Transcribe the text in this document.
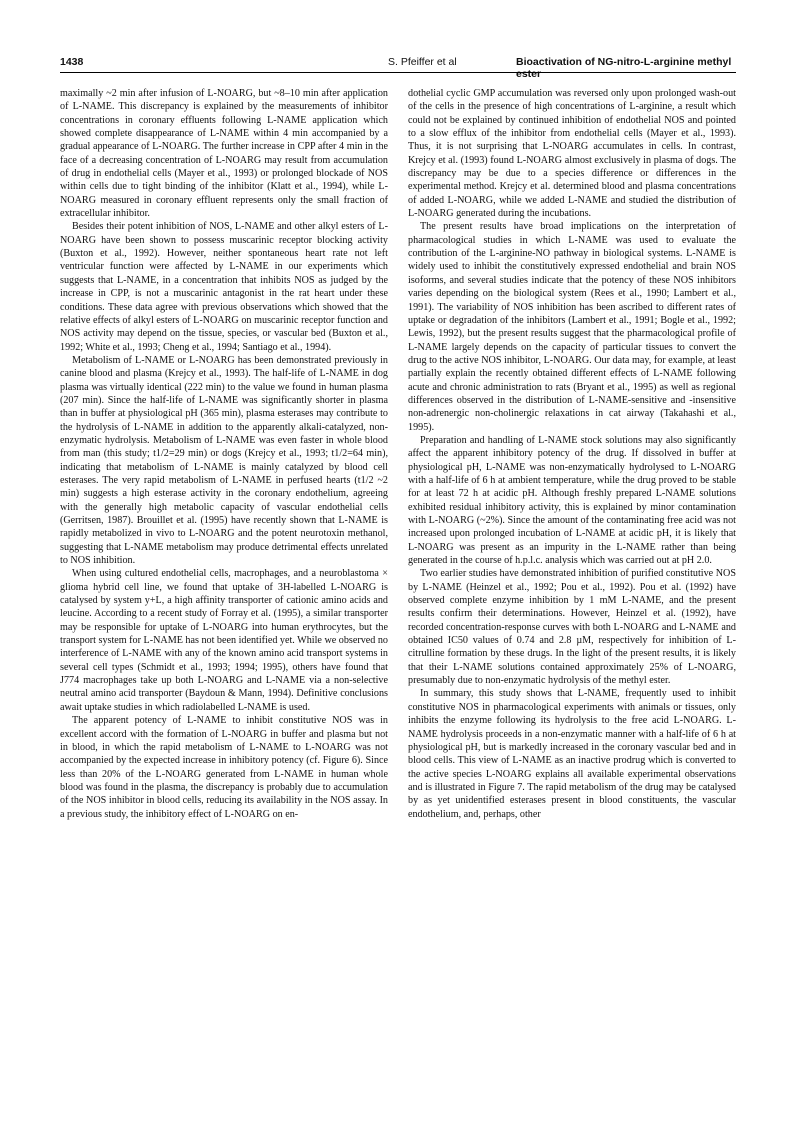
1438	S. Pfeiffer et al	Bioactivation of NG-nitro-L-arginine methyl ester

maximally ~2 min after infusion of L-NOARG, but ~8–10 min after application of L-NAME. This discrepancy is explained by the measurements of inhibitor concentrations in coronary effluents following L-NAME application which showed complete disappearance of L-NAME within 4 min accompanied by a gradual appearance of L-NOARG. The further increase in CPP after 4 min in the face of a decreasing concentration of L-NOARG may result from accumulation of drug in endothelial cells (Mayer et al., 1993) or prolonged blockade of NOS within cells due to tight binding of the inhibitor (Klatt et al., 1994), while L-NOARG measured in coronary effluent represents only the small fraction of extracellular inhibitor.

Besides their potent inhibition of NOS, L-NAME and other alkyl esters of L-NOARG have been shown to possess muscarinic receptor blocking activity (Buxton et al., 1992). However, neither spontaneous heart rate not left ventricular function were affected by L-NAME in our experiments which suggests that L-NAME, in a concentration that inhibits NOS as judged by the increase in CPP, is not a muscarinic antagonist in the rat heart under these conditions. These data agree with previous observations which showed that the relative effects of alkyl esters of L-NOARG on muscarinic receptor function and NOS activity may depend on the tissue, species, or vascular bed (Buxton et al., 1992; White et al., 1993; Cheng et al., 1994; Santiago et al., 1994).

Metabolism of L-NAME or L-NOARG has been demonstrated previously in canine blood and plasma (Krejcy et al., 1993). The half-life of L-NAME in dog plasma was virtually identical (222 min) to the value we found in human plasma (207 min). Since the half-life of L-NAME was significantly shorter in plasma than in buffer at physiological pH (365 min), plasma esterases may contribute to the hydrolysis of L-NAME in addition to the apparently alkali-catalyzed, non-enzymatic hydrolysis. Metabolism of L-NAME was even faster in whole blood from man (this study; t1/2=29 min) or dogs (Krejcy et al., 1993; t1/2=64 min), indicating that metabolism of L-NAME is mainly catalyzed by blood cell esterases. The very rapid metabolism of L-NAME in perfused hearts (t1/2 ~2 min) suggests a high esterase activity in the coronary endothelium, agreeing with the generally high metabolic capacity of vascular endothelial cells (Gerritsen, 1987). Brouillet et al. (1995) have recently shown that L-NAME is rapidly metabolized in vivo to L-NOARG and the potent neurotoxin methanol, suggesting that L-NAME metabolism may produce detrimental effects unrelated to NOS inhibition.

When using cultured endothelial cells, macrophages, and a neuroblastoma × glioma hybrid cell line, we found that uptake of 3H-labelled L-NOARG is catalysed by system y+L, a high affinity transporter of cationic amino acids and leucine. According to a recent study of Forray et al. (1995), a similar transporter may be responsible for uptake of L-NOARG into human erythrocytes, but the transport system for L-NAME has not been identified yet. While we observed no interference of L-NAME with any of the known amino acid transport systems in several cell types (Schmidt et al., 1993; 1994; 1995), others have found that J774 macrophages take up both L-NOARG and L-NAME via a non-selective neutral amino acid transporter (Baydoun & Mann, 1994). Definitive conclusions await uptake studies in which radiolabelled L-NAME is used.

The apparent potency of L-NAME to inhibit constitutive NOS was in excellent accord with the formation of L-NOARG in buffer and plasma but not in blood, in which the rapid metabolism of L-NAME to L-NOARG was not accompanied by the expected increase in inhibitory potency (cf. Figure 6). Since less than 20% of the L-NOARG generated from L-NAME in human whole blood was found in the plasma, the discrepancy is probably due to accumulation of the NOS inhibitor in blood cells, reducing its availability in the NOS assay. In a previous study, the inhibitory effect of L-NOARG on en-

dothelial cyclic GMP accumulation was reversed only upon prolonged wash-out of the cells in the presence of high concentrations of L-arginine, a result which could not be explained by continued inhibition of endothelial NOS and pointed to a slow efflux of the inhibitor from endothelial cells (Mayer et al., 1993). Thus, it is not surprising that L-NOARG accumulates in cells. In contrast, Krejcy et al. (1993) found L-NOARG almost exclusively in plasma of dogs. The discrepancy may be due to a species difference or differences in the experimental method. Krejcy et al. determined blood and plasma concentrations of added L-NOARG, while we added L-NAME and studied the distribution of L-NOARG generated during the incubations.

The present results have broad implications on the interpretation of pharmacological studies in which L-NAME was used to evaluate the contribution of the L-arginine-NO pathway in biological systems. L-NAME is widely used to inhibit the constitutively expressed endothelial and brain NOS isoforms, and several studies indicate that the potency of these NOS inhibitors varies depending on the biological system (Rees et al., 1990; Lambert et al., 1991). The variability of NOS inhibition has been ascribed to different rates of uptake or degradation of the inhibitors (Lambert et al., 1991; Bogle et al., 1992; Lewis, 1992), but the present results suggest that the pharmacological profile of L-NAME largely depends on the capacity of particular tissues to convert the drug to the active NOS inhibitor, L-NOARG. Our data may, for example, at least partially explain the recently obtained different effects of L-NAME following acute and chronic administration to rats (Bryant et al., 1995) as well as regional differences observed in the distribution of L-NAME-sensitive and -insensitive non-adrenergic non-cholinergic relaxations in cat airway (Takahashi et al., 1995).

Preparation and handling of L-NAME stock solutions may also significantly affect the apparent inhibitory potency of the drug. If dissolved in buffer at physiological pH, L-NAME was non-enzymatically hydrolysed to L-NOARG with a half-life of 6 h at ambient temperature, while the drug proved to be stable for at least 72 h at acidic pH. Although freshly prepared L-NAME solutions exhibited residual inhibitory activity, this is explained by minor contamination with L-NOARG (~2%). Since the amount of the contaminating free acid was not increased upon prolonged incubation of L-NAME at acidic pH, it is likely that L-NOARG was present as an impurity in the L-NAME rather than being generated in the course of h.p.l.c. analysis which was carried out at pH 2.0.

Two earlier studies have demonstrated inhibition of purified constitutive NOS by L-NAME (Heinzel et al., 1992; Pou et al., 1992). Pou et al. (1992) have observed complete enzyme inhibition by 1 mM L-NAME, and the present results confirm their determinations. However, Heinzel et al. (1992), have recorded concentration-response curves with both L-NOARG and L-NAME and obtained IC50 values of 0.74 and 2.8 µM, respectively for inhibition of L-citrulline formation by these drugs. In the light of the present results, it is likely that their L-NAME solutions contained approximately 25% of L-NOARG, presumably due to non-enzymatic hydrolysis of the methyl ester.

In summary, this study shows that L-NAME, frequently used to inhibit constitutive NOS in pharmacological experiments with animals or tissues, only inhibits the enzyme following its hydrolysis to the free acid L-NOARG. L-NAME hydrolysis proceeds in a non-enzymatic manner with a half-life of 6 h at physiological pH, but is markedly increased in the coronary vascular bed and in blood cells. This view of L-NAME as an inactive prodrug which is converted to the active species L-NOARG explains all available experimental observations and is illustrated in Figure 7. The rapid metabolism of the drug may be catalysed by as yet unidentified esterases present in blood constituents, the vascular endothelium, and, perhaps, other
